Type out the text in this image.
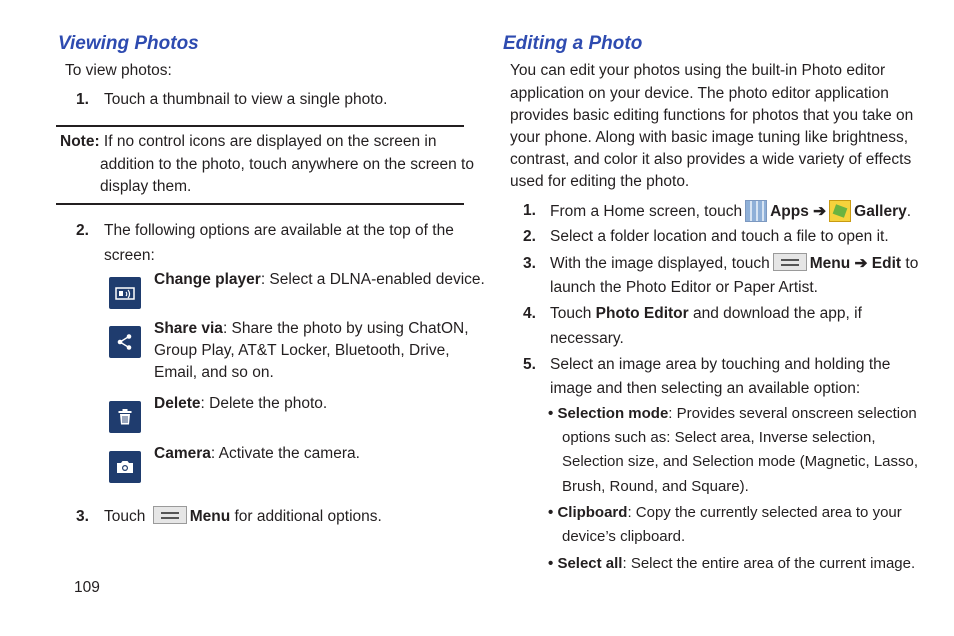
Viewing Photos
To view photos:
1. Touch a thumbnail to view a single photo.
Note: If no control icons are displayed on the screen in
addition to the photo, touch anywhere on the screen to
display them.
2. The following options are available at the top of the
screen:
Change player: Select a DLNA-enabled device.
Share via: Share the photo by using ChatON,
Group Play, AT&T Locker, Bluetooth, Drive,
Email, and so on.
Delete: Delete the photo.
Camera: Activate the camera.
3. Touch	Menu for additional options.
Editing a Photo
You can edit your photos using the built-in Photo editor
application on your device. The photo editor application
provides basic editing functions for photos that you take on
your phone. Along with basic image tuning like brightness,
contrast, and color it also provides a wide variety of effects
used for editing the photo.
1. From a Home screen, touch Apps ➔ Gallery.
2. Select a folder location and touch a file to open it.
3. With the image displayed, touch	Menu ➔ Edit to
launch the Photo Editor or Paper Artist.
4. Touch Photo Editor and download the app, if
necessary.
5. Select an image area by touching and holding the
image and then selecting an available option:
• Selection mode: Provides several onscreen selection
options such as: Select area, Inverse selection,
Selection size, and Selection mode (Magnetic, Lasso,
Brush, Round, and Square).
• Clipboard: Copy the currently selected area to your
device’s clipboard.
• Select all: Select the entire area of the current image.
109
